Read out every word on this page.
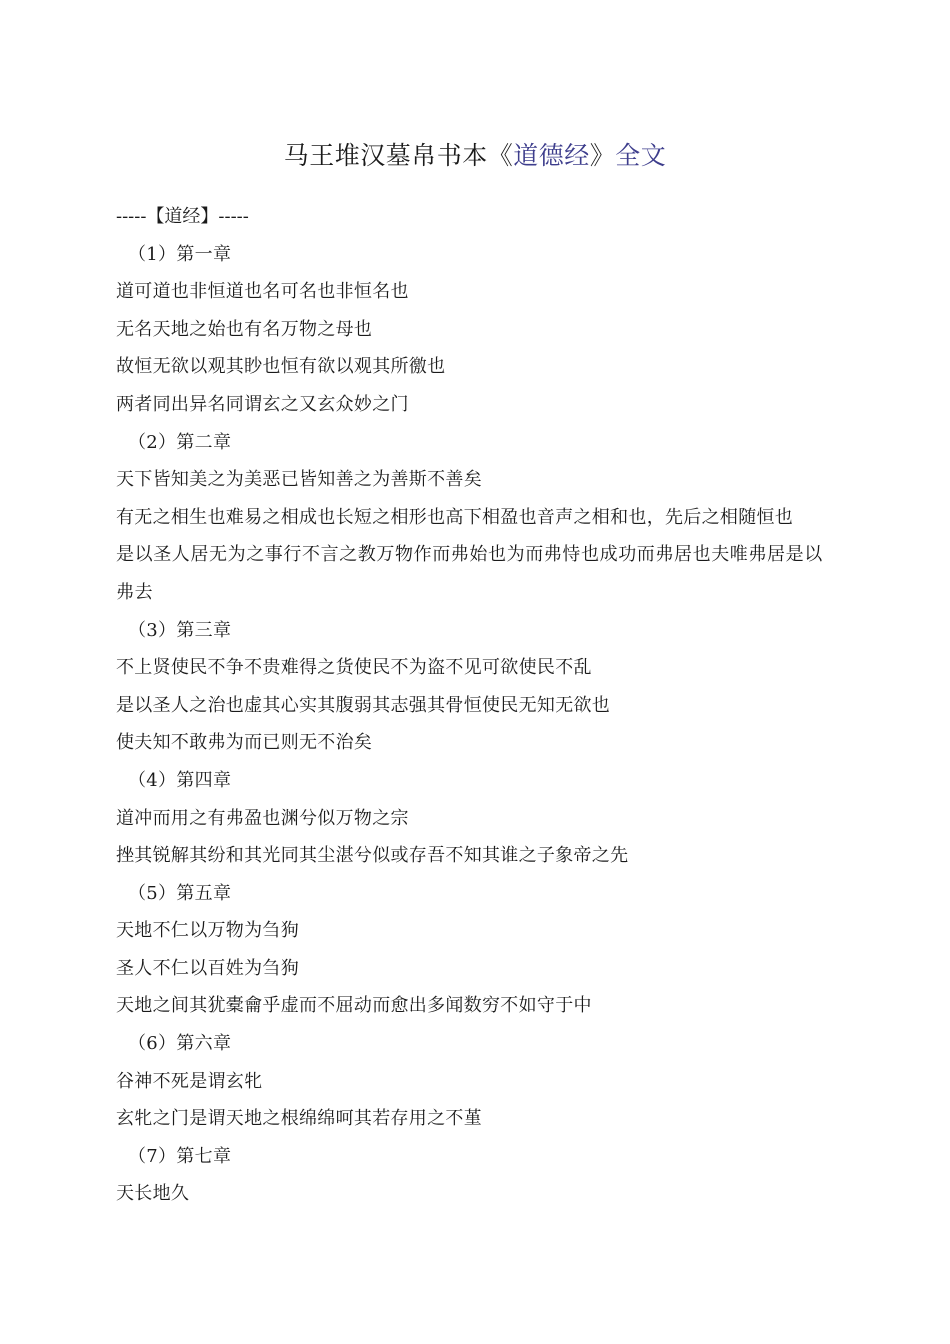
马王堆汉墓帛书本《道德经》全文
-----【道经】-----
（1）第一章
道可道也非恒道也名可名也非恒名也
无名天地之始也有名万物之母也
故恒无欲以观其眇也恒有欲以观其所徼也
两者同出异名同谓玄之又玄众妙之门
（2）第二章
天下皆知美之为美恶已皆知善之为善斯不善矣
有无之相生也难易之相成也长短之相形也高下相盈也音声之相和也，先后之相随恒也
是以圣人居无为之事行不言之教万物作而弗始也为而弗恃也成功而弗居也夫唯弗居是以弗去
（3）第三章
不上贤使民不争不贵难得之货使民不为盗不见可欲使民不乱
是以圣人之治也虚其心实其腹弱其志强其骨恒使民无知无欲也
使夫知不敢弗为而已则无不治矣
（4）第四章
道冲而用之有弗盈也渊兮似万物之宗
挫其锐解其纷和其光同其尘湛兮似或存吾不知其谁之子象帝之先
（5）第五章
天地不仁以万物为刍狗
圣人不仁以百姓为刍狗
天地之间其犹橐龠乎虚而不屈动而愈出多闻数穷不如守于中
（6）第六章
谷神不死是谓玄牝
玄牝之门是谓天地之根绵绵呵其若存用之不堇
（7）第七章
天长地久
